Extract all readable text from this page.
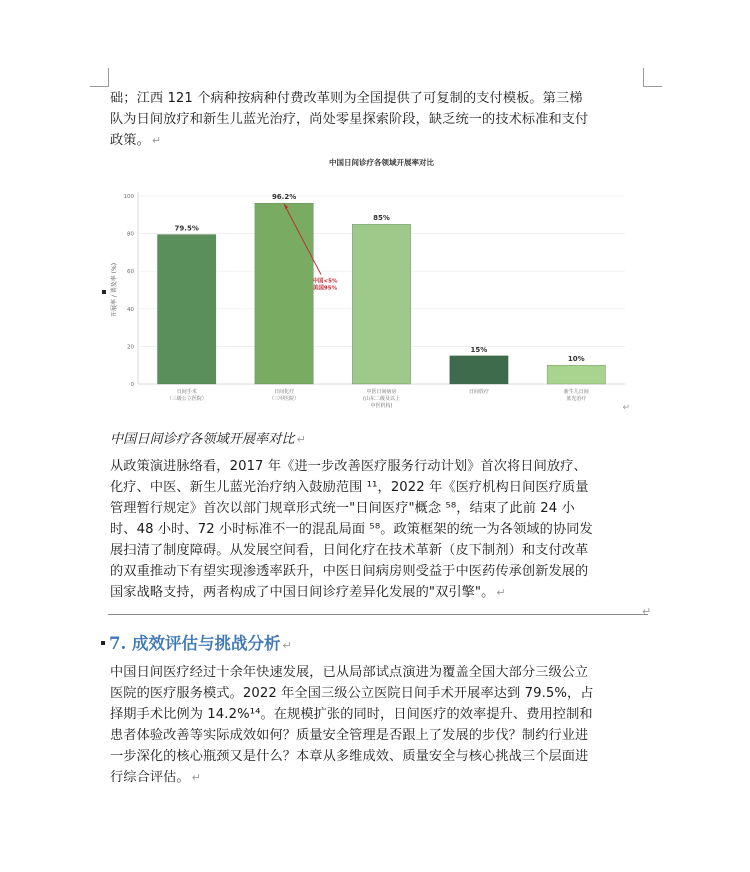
础；江西 121 个病种按病种付费改革则为全国提供了可复制的支付模板。第三梯
队为日间放疗和新生儿蓝光治疗，尚处零星探索阶段，缺乏统一的技术标准和支付
政策。 ↵
中国日间诊疗各领域开展率对比
0
20
40
60
80
100
开展率 / 普及率 (%)
79.5%
日间手术
（三级公立医院）
96.2%
日间化疗
（三甲医院）
85%
中医日间病房
(山东二级及以上
中医机构)
15%
日间放疗
10%
新生儿日间
蓝光治疗
中国<5%
美国95%
↵
中国日间诊疗各领域开展率对比 ↵
从政策演进脉络看，2017 年《进一步改善医疗服务行动计划》首次将日间放疗、
化疗、中医、新生儿蓝光治疗纳入鼓励范围 ¹¹，2022 年《医疗机构日间医疗质量
管理暂行规定》首次以部门规章形式统一"日间医疗"概念 ⁵⁸，结束了此前 24 小
时、48 小时、72 小时标准不一的混乱局面 ⁵⁸。政策框架的统一为各领域的协同发
展扫清了制度障碍。从发展空间看，日间化疗在技术革新（皮下制剂）和支付改革
的双重推动下有望实现渗透率跃升，中医日间病房则受益于中医药传承创新发展的
国家战略支持，两者构成了中国日间诊疗差异化发展的"双引擎"。 ↵
↵
7. 成效评估与挑战分析 ↵
中国日间医疗经过十余年快速发展，已从局部试点演进为覆盖全国大部分三级公立
医院的医疗服务模式。2022 年全国三级公立医院日间手术开展率达到 79.5%，占
择期手术比例为 14.2%¹⁴。在规模扩张的同时，日间医疗的效率提升、费用控制和
患者体验改善等实际成效如何？质量安全管理是否跟上了发展的步伐？制约行业进
一步深化的核心瓶颈又是什么？本章从多维成效、质量安全与核心挑战三个层面进
行综合评估。 ↵
